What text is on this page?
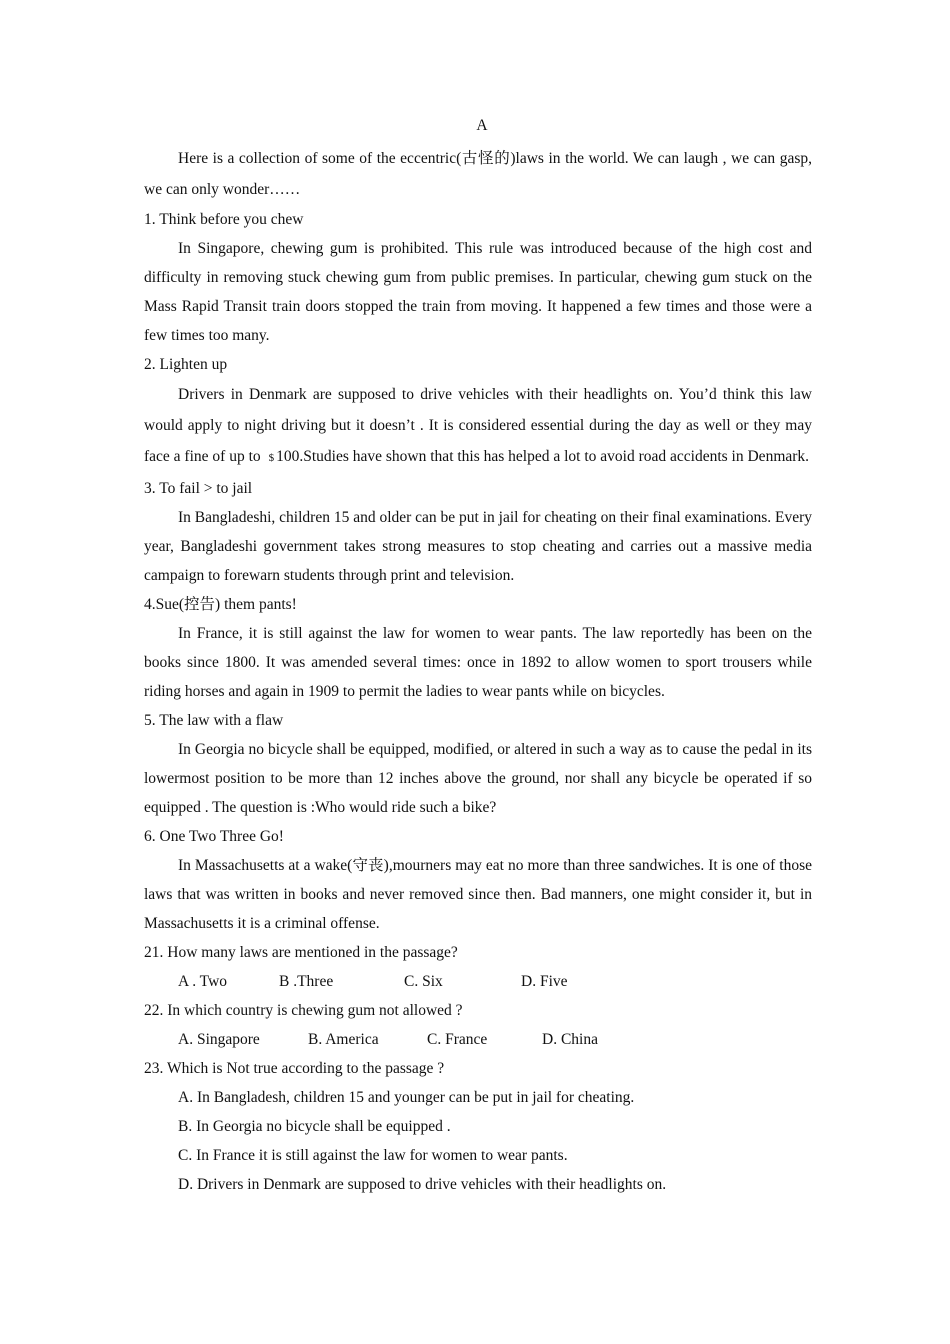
A
Here is a collection of some of the eccentric(古怪的)laws in the world. We can laugh , we can gasp, we can only wonder……
1. Think before you chew
In Singapore, chewing gum is prohibited. This rule was introduced because of the high cost and difficulty in removing stuck chewing gum from public premises. In particular, chewing gum stuck on the Mass Rapid Transit train doors stopped the train from moving. It happened a few times and those were a few times too many.
2. Lighten up
Drivers in Denmark are supposed to drive vehicles with their headlights on. You’d think this law would apply to night driving but it doesn’t . It is considered essential during the day as well or they may face a fine of up to $ 100.Studies have shown that this has helped a lot to avoid road accidents in Denmark.
3. To fail > to jail
In Bangladeshi, children 15 and older can be put in jail for cheating on their final examinations. Every year, Bangladeshi government takes strong measures to stop cheating and carries out a massive media campaign to forewarn students through print and television.
4.Sue(控告) them pants!
In France, it is still against the law for women to wear pants. The law reportedly has been on the books since 1800. It was amended several times: once in 1892 to allow women to sport trousers while riding horses and again in 1909 to permit the ladies to wear pants while on bicycles.
5. The law with a flaw
In Georgia no bicycle shall be equipped, modified, or altered in such a way as to cause the pedal in its lowermost position to be more than 12 inches above the ground, nor shall any bicycle be operated if so equipped . The question is :Who would ride such a bike?
6. One Two Three Go!
In Massachusetts at a wake(守丧),mourners may eat no more than three sandwiches. It is one of those laws that was written in books and never removed since then. Bad manners, one might consider it, but in Massachusetts it is a criminal offense.
21. How many laws are mentioned in the passage?
A . Two	B .Three	C. Six	D. Five
22. In which country is chewing gum not allowed ?
A. Singapore	B. America	C. France	D. China
23. Which is Not true according to the passage ?
A. In Bangladesh, children 15 and younger can be put in jail for cheating.
B. In Georgia no bicycle shall be equipped .
C. In France it is still against the law for women to wear pants.
D. Drivers in Denmark are supposed to drive vehicles with their headlights on.
